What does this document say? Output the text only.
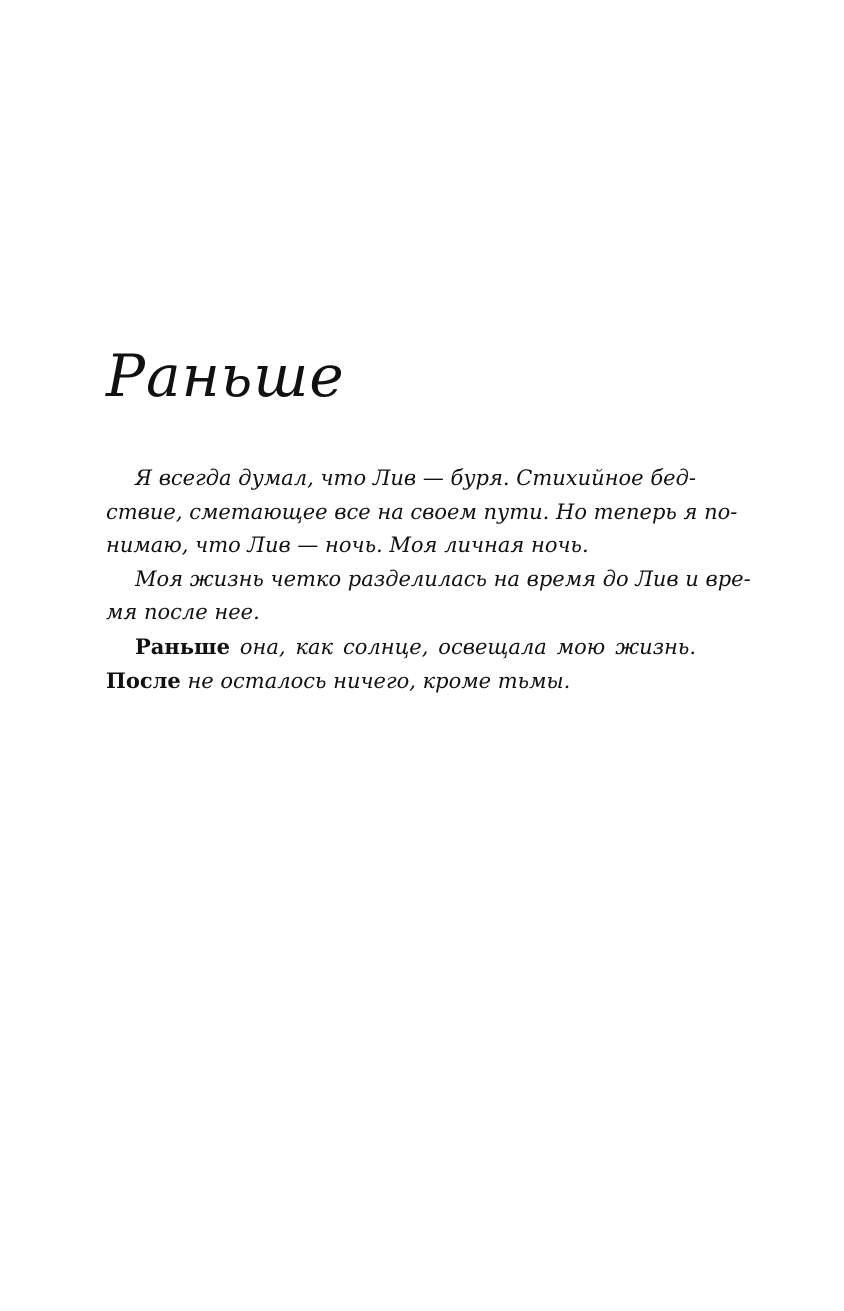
Раньше
Я всегда думал, что Лив — буря. Стихийное бед-
ствие, сметающее все на своем пути. Но теперь я по-
нимаю, что Лив — ночь. Моя личная ночь.
Моя жизнь четко разделилась на время до Лив и вре-
мя после нее.
Раньше она, как солнце, освещала мою жизнь.
После не осталось ничего, кроме тьмы.
